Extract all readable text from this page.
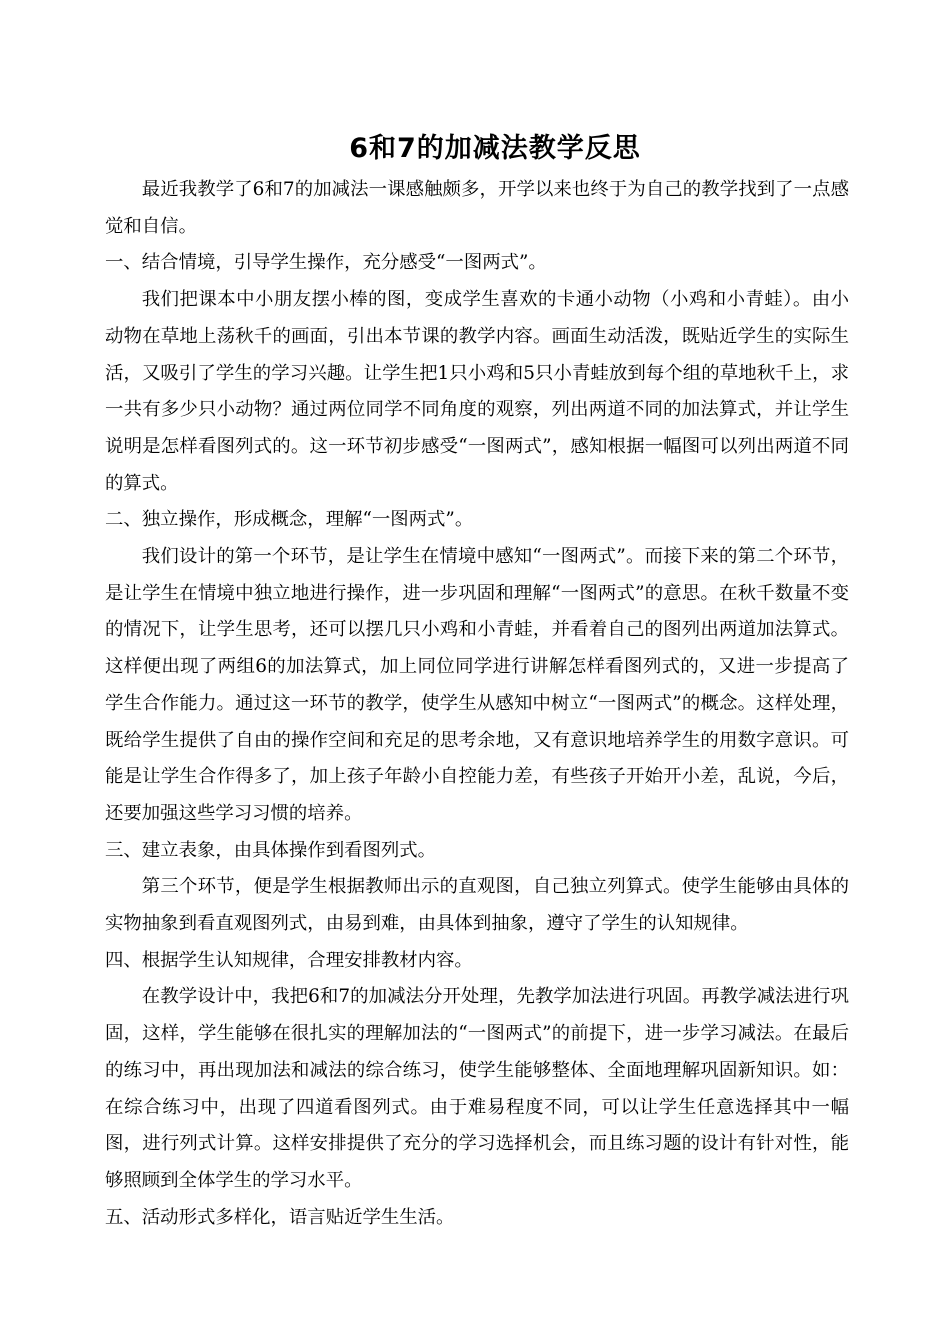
6和7的加减法教学反思

最近我教学了6和7的加减法一课感触颇多，开学以来也终于为自己的教学找到了一点感觉和自信。

一、结合情境，引导学生操作，充分感受“一图两式”。

我们把课本中小朋友摆小棒的图，变成学生喜欢的卡通小动物（小鸡和小青蛙）。由小动物在草地上荡秋千的画面，引出本节课的教学内容。画面生动活泼，既贴近学生的实际生活，又吸引了学生的学习兴趣。让学生把1只小鸡和5只小青蛙放到每个组的草地秋千上，求一共有多少只小动物？通过两位同学不同角度的观察，列出两道不同的加法算式，并让学生说明是怎样看图列式的。这一环节初步感受“一图两式”，感知根据一幅图可以列出两道不同的算式。

二、独立操作，形成概念，理解“一图两式”。

我们设计的第一个环节，是让学生在情境中感知“一图两式”。而接下来的第二个环节，是让学生在情境中独立地进行操作，进一步巩固和理解“一图两式”的意思。在秋千数量不变的情况下，让学生思考，还可以摆几只小鸡和小青蛙，并看着自己的图列出两道加法算式。这样便出现了两组6的加法算式，加上同位同学进行讲解怎样看图列式的，又进一步提高了学生合作能力。通过这一环节的教学，使学生从感知中树立“一图两式”的概念。这样处理，既给学生提供了自由的操作空间和充足的思考余地，又有意识地培养学生的用数字意识。可能是让学生合作得多了，加上孩子年龄小自控能力差，有些孩子开始开小差，乱说，今后，还要加强这些学习习惯的培养。

三、建立表象，由具体操作到看图列式。

第三个环节，便是学生根据教师出示的直观图，自己独立列算式。使学生能够由具体的实物抽象到看直观图列式，由易到难，由具体到抽象，遵守了学生的认知规律。

四、根据学生认知规律，合理安排教材内容。

在教学设计中，我把6和7的加减法分开处理，先教学加法进行巩固。再教学减法进行巩固，这样，学生能够在很扎实的理解加法的“一图两式”的前提下，进一步学习减法。在最后的练习中，再出现加法和减法的综合练习，使学生能够整体、全面地理解巩固新知识。如：在综合练习中，出现了四道看图列式。由于难易程度不同，可以让学生任意选择其中一幅图，进行列式计算。这样安排提供了充分的学习选择机会，而且练习题的设计有针对性，能够照顾到全体学生的学习水平。

五、活动形式多样化，语言贴近学生生活。
